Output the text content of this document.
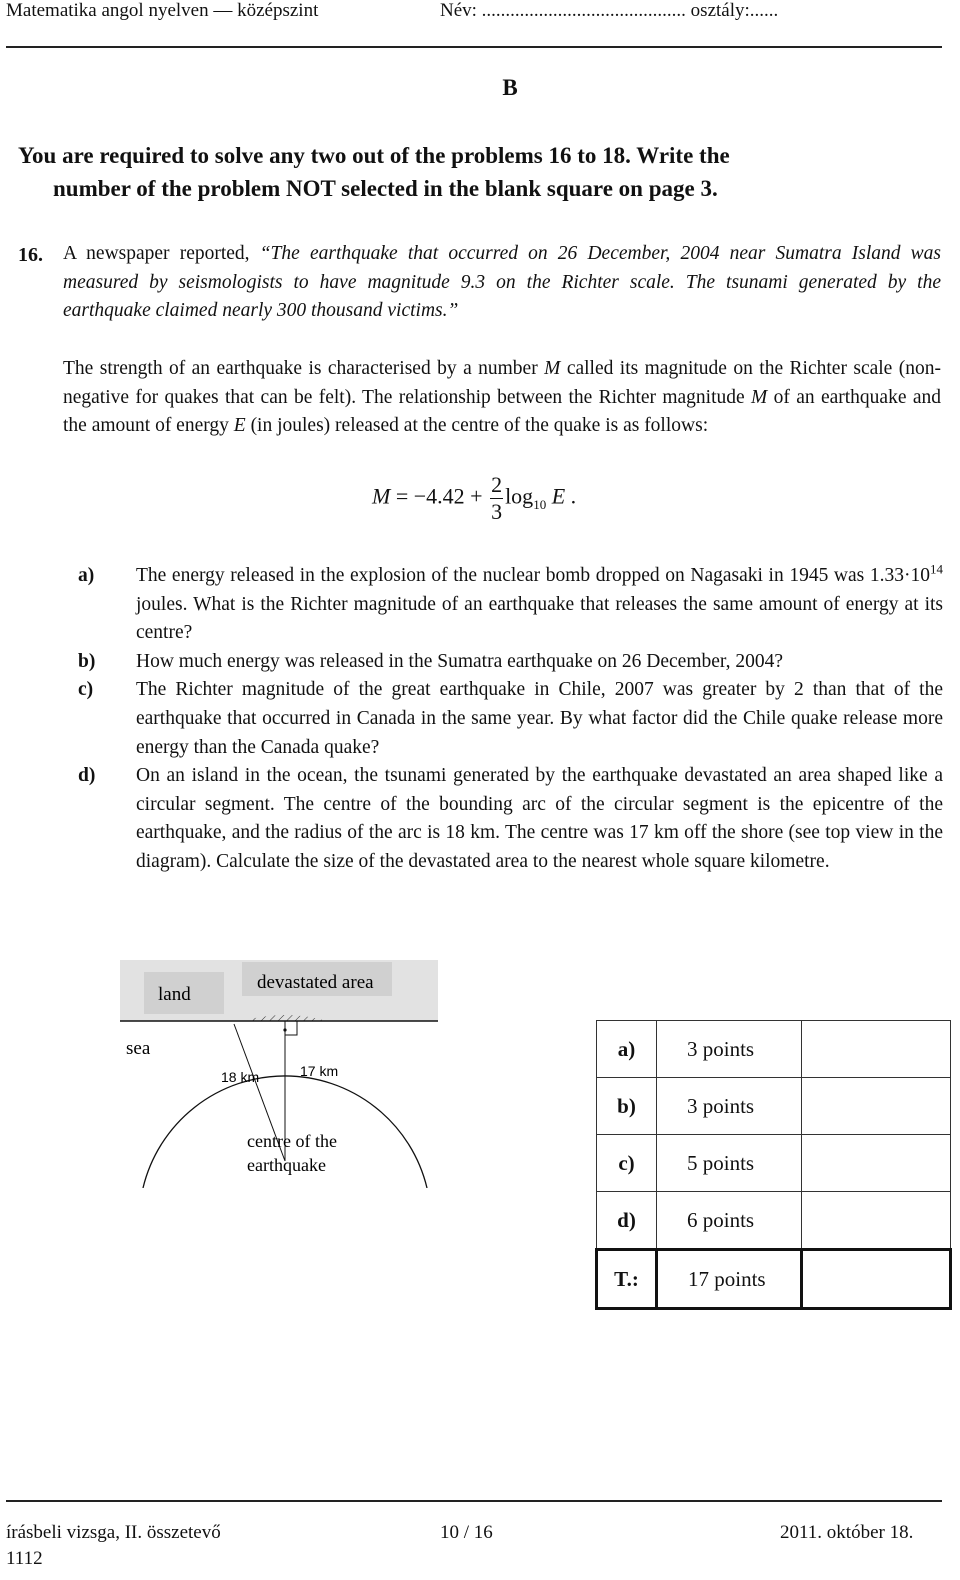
Matematika angol nyelven — középszint	Név: ........................................... osztály:......
B
You are required to solve any two out of the problems 16 to 18. Write the
number of the problem NOT selected in the blank square on page 3.
16. A newspaper reported, “The earthquake that occurred on 26 December, 2004 near Sumatra Island was measured by seismologists to have magnitude 9.3 on the Richter scale. The tsunami generated by the earthquake claimed nearly 300 thousand victims.”
The strength of an earthquake is characterised by a number M called its magnitude on the Richter scale (non-negative for quakes that can be felt). The relationship between the Richter magnitude M of an earthquake and the amount of energy E (in joules) released at the centre of the quake is as follows:
$M = -4.42 + \frac{2}{3} \log_{10} E$ .
a)	The energy released in the explosion of the nuclear bomb dropped on Nagasaki in 1945 was $1.33\cdot 10^{14}$ joules. What is the Richter magnitude of an earthquake that releases the same amount of energy at its centre?
b)	How much energy was released in the Sumatra earthquake on 26 December, 2004?
c)	The Richter magnitude of the great earthquake in Chile, 2007 was greater by 2 than that of the earthquake that occurred in Canada in the same year. By what factor did the Chile quake release more energy than the Canada quake?
d)	On an island in the ocean, the tsunami generated by the earthquake devastated an area shaped like a circular segment. The centre of the bounding arc of the circular segment is the epicentre of the earthquake, and the radius of the arc is 18 km. The centre was 17 km off the shore (see top view in the diagram). Calculate the size of the devastated area to the nearest whole square kilometre.
land
devastated area
sea
18 km	17 km
centre of the
earthquake
a)	3 points	
b)	3 points	
c)	5 points	
d)	6 points	
T.:	17 points	
írásbeli vizsga, II. összetevő	10 / 16	2011. október 18.
1112
